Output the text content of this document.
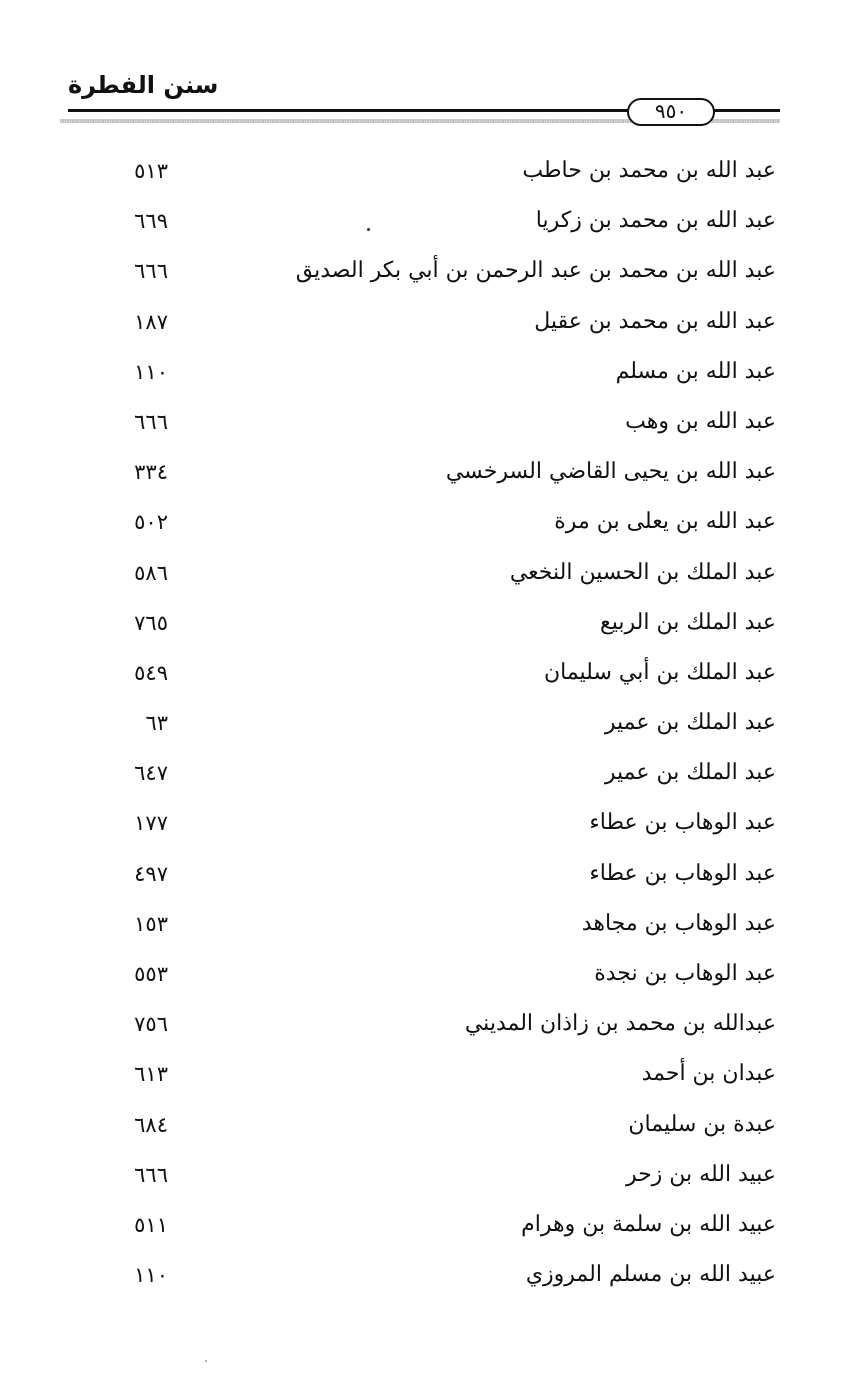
سنن الفطرة
٩٥٠
عبد الله بن محمد بن حاطب
٥١٣
عبد الله بن محمد بن زكريا
٦٦٩
عبد الله بن محمد بن عبد الرحمن بن أبي بكر الصديق
٦٦٦
عبد الله بن محمد بن عقيل
١٨٧
عبد الله بن مسلم
١١٠
عبد الله بن وهب
٦٦٦
عبد الله بن يحيى القاضي السرخسي
٣٣٤
عبد الله بن يعلى بن مرة
٥٠٢
عبد الملك بن الحسين النخعي
٥٨٦
عبد الملك بن الربيع
٧٦٥
عبد الملك بن أبي سليمان
٥٤٩
عبد الملك بن عمير
٦٣
عبد الملك بن عمير
٦٤٧
عبد الوهاب بن عطاء
١٧٧
عبد الوهاب بن عطاء
٤٩٧
عبد الوهاب بن مجاهد
١٥٣
عبد الوهاب بن نجدة
٥٥٣
عبدالله بن محمد بن زاذان المديني
٧٥٦
عبدان بن أحمد
٦١٣
عبدة بن سليمان
٦٨٤
عبيد الله بن زحر
٦٦٦
عبيد الله بن سلمة بن وهرام
٥١١
عبيد الله بن مسلم المروزي
١١٠
